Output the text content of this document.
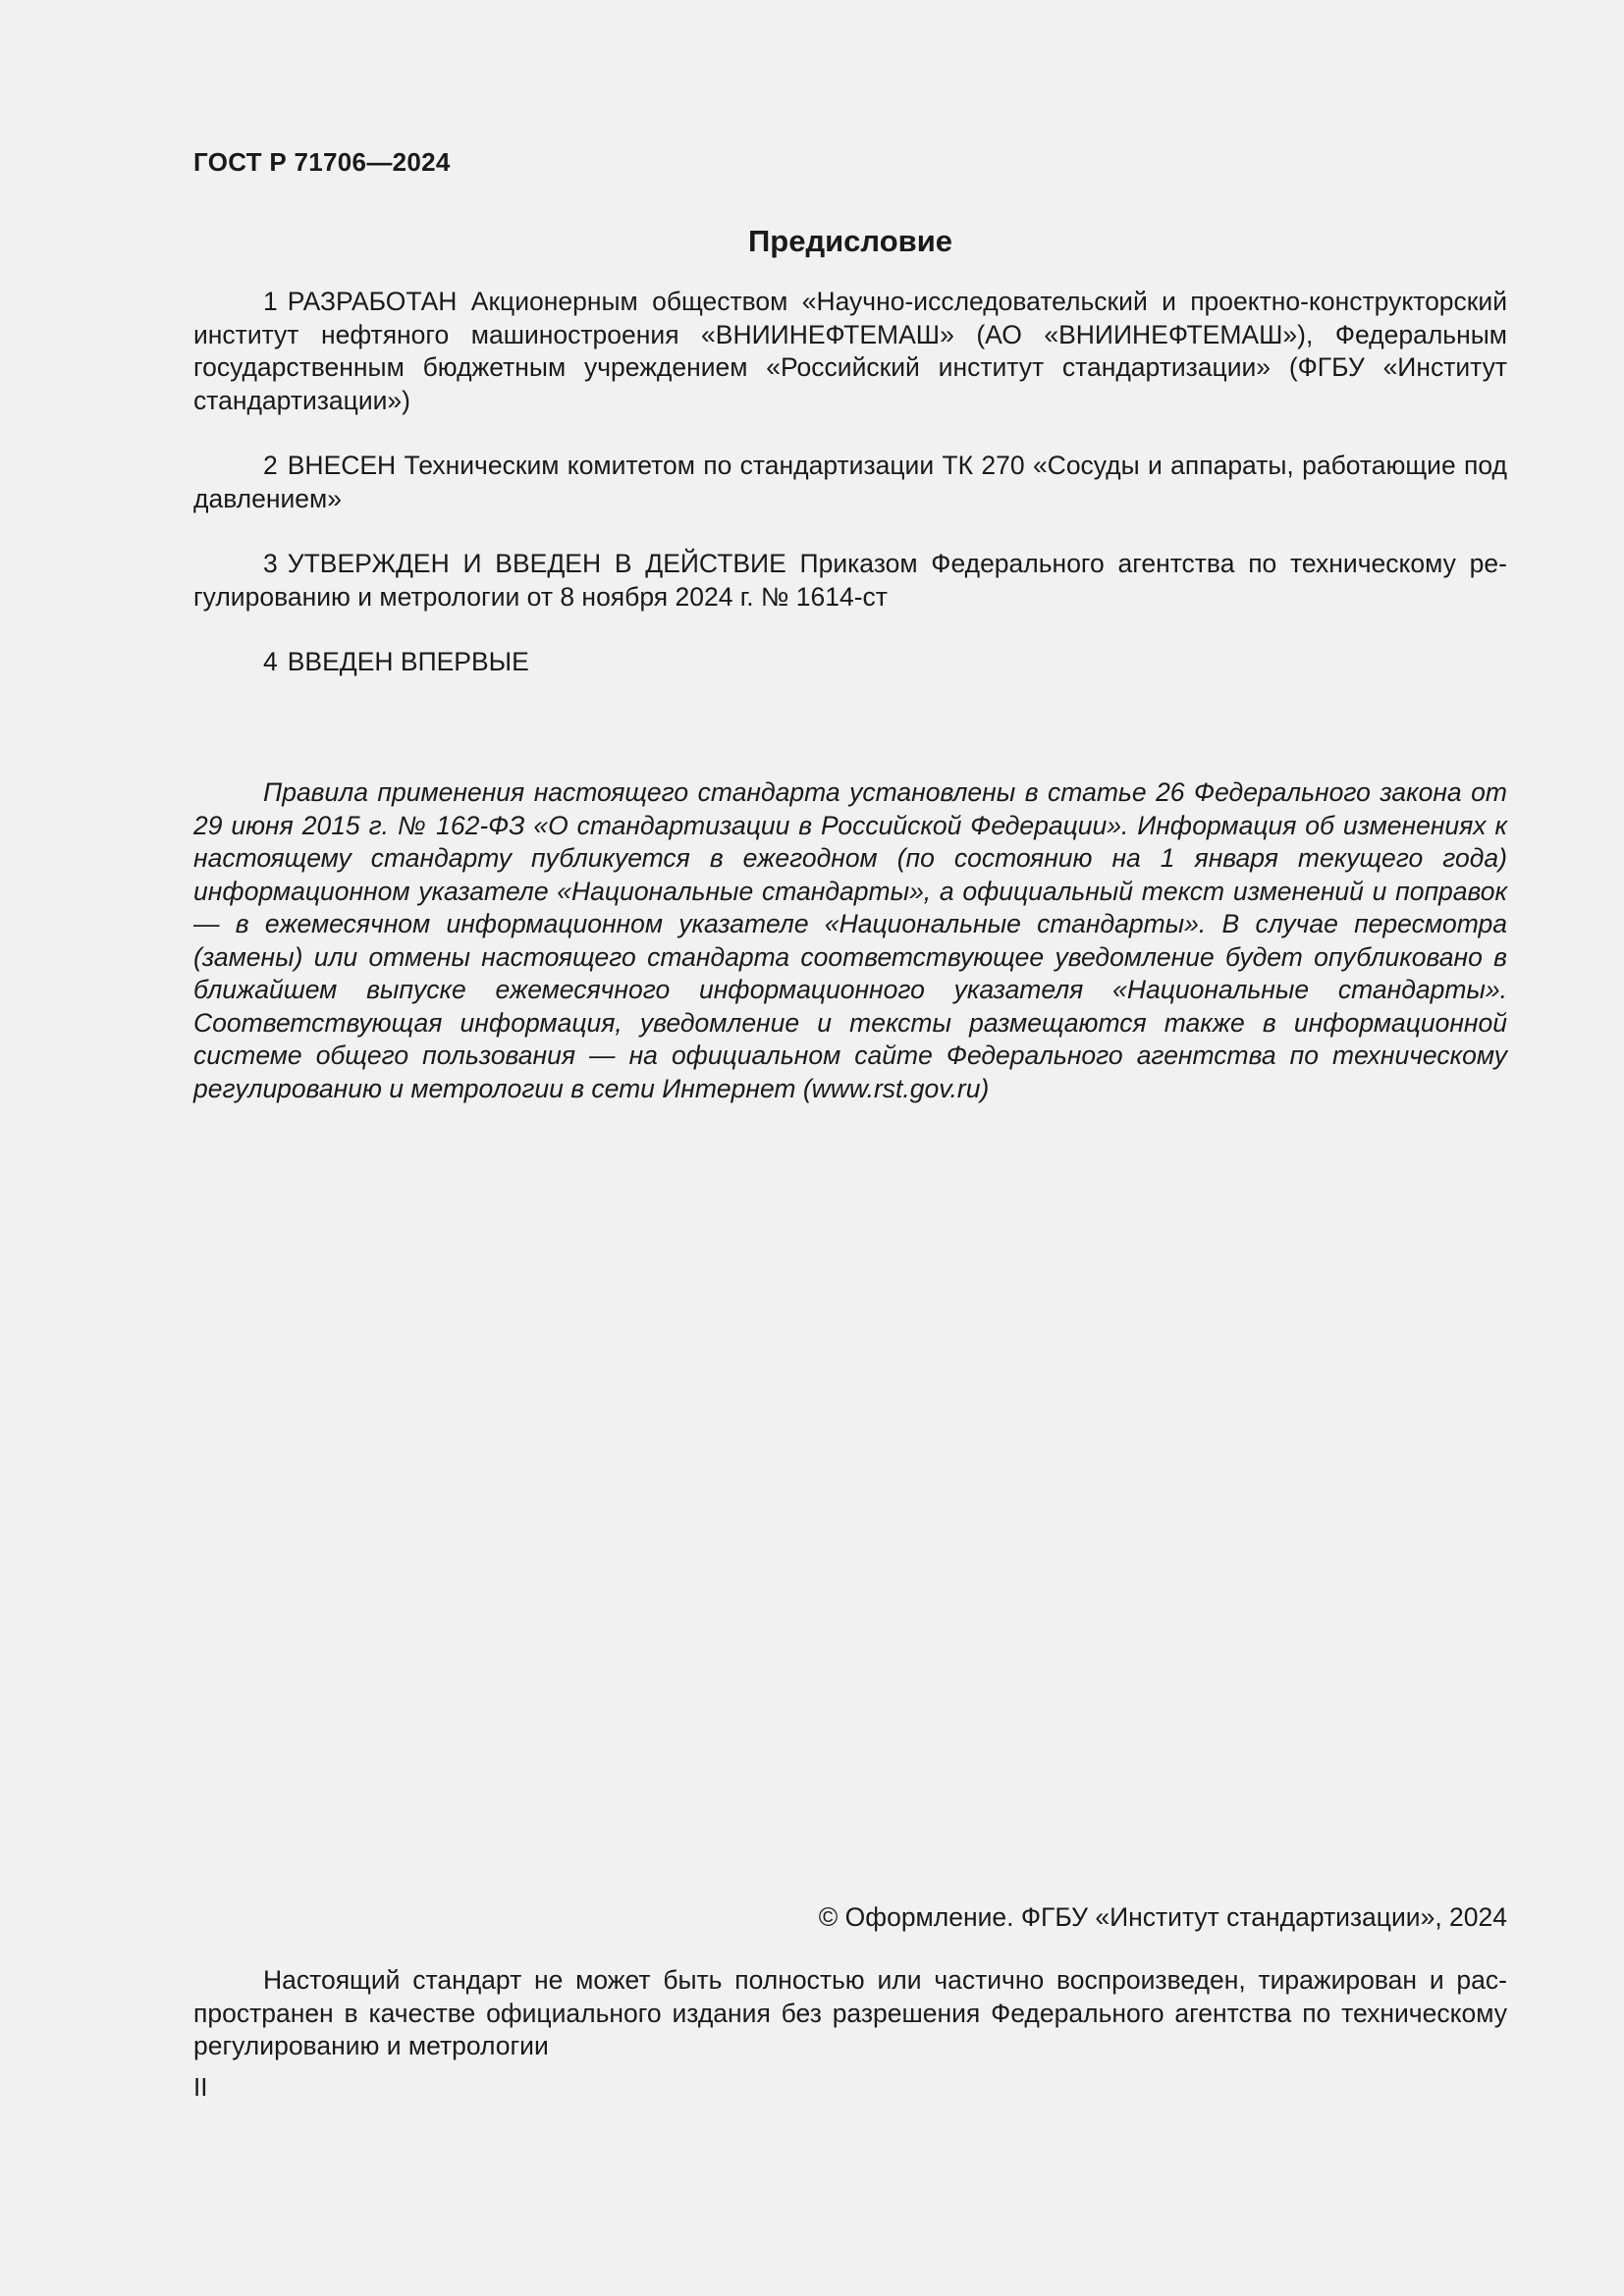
ГОСТ Р 71706—2024
Предисловие

1 РАЗРАБОТАН Акционерным обществом «Научно-исследовательский и проектно-конструкторский институт нефтяного машиностроения «ВНИИНЕФТЕМАШ» (АО «ВНИИНЕФТЕМАШ»), Федеральным государственным бюджетным учреждением «Российский институт стандартизации» (ФГБУ «Институт стандартизации»)

2 ВНЕСЕН Техническим комитетом по стандартизации ТК 270 «Сосуды и аппараты, работающие под давлением»

3 УТВЕРЖДЕН И ВВЕДЕН В ДЕЙСТВИЕ Приказом Федерального агентства по техническому регулированию и метрологии от 8 ноября 2024 г. № 1614-ст

4 ВВЕДЕН ВПЕРВЫЕ

Правила применения настоящего стандарта установлены в статье 26 Федерального закона от 29 июня 2015 г. № 162-ФЗ «О стандартизации в Российской Федерации». Информация об изменениях к настоящему стандарту публикуется в ежегодном (по состоянию на 1 января текущего года) информационном указателе «Национальные стандарты», а официальный текст изменений и поправок — в ежемесячном информационном указателе «Национальные стандарты». В случае пересмотра (замены) или отмены настоящего стандарта соответствующее уведомление будет опубликовано в ближайшем выпуске ежемесячного информационного указателя «Национальные стандарты». Соответствующая информация, уведомление и тексты размещаются также в информационной системе общего пользования — на официальном сайте Федерального агентства по техническому регулированию и метрологии в сети Интернет (www.rst.gov.ru)

© Оформление. ФГБУ «Институт стандартизации», 2024

Настоящий стандарт не может быть полностью или частично воспроизведен, тиражирован и распространен в качестве официального издания без разрешения Федерального агентства по техническому регулированию и метрологии

II
